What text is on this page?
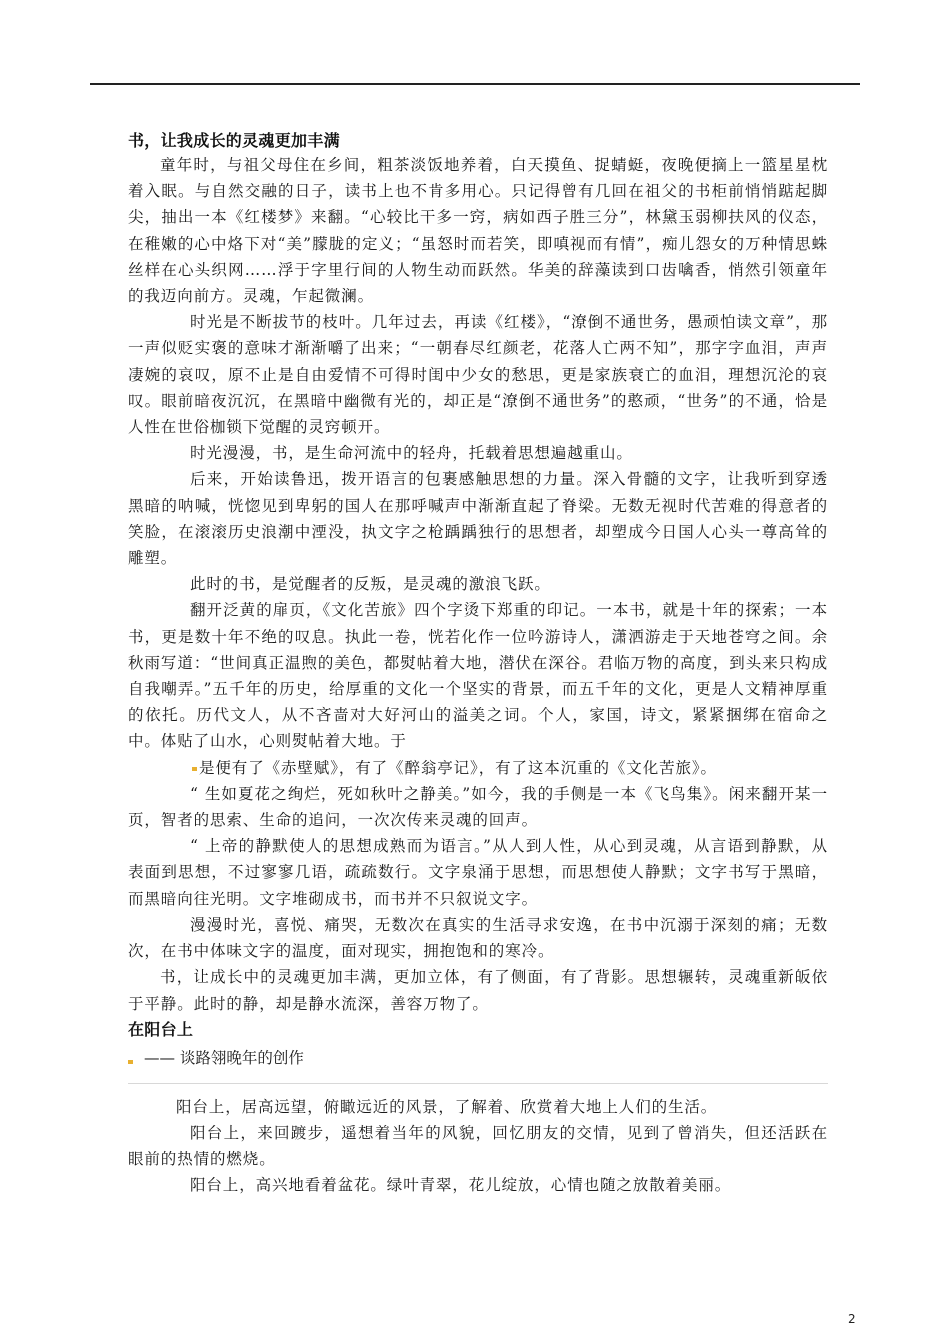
书，让我成长的灵魂更加丰满

童年时，与祖父母住在乡间，粗茶淡饭地养着，白天摸鱼、捉蜻蜓，夜晚便摘上一篮星星枕着入眠。与自然交融的日子，读书上也不肯多用心。只记得曾有几回在祖父的书柜前悄悄踮起脚尖，抽出一本《红楼梦》来翻。“心较比干多一窍，病如西子胜三分”，林黛玉弱柳扶风的仪态，在稚嫩的心中烙下对“美”朦胧的定义；“虽怒时而若笑，即嗔视而有情”，痴儿怨女的万种情思蛛丝样在心头织网……浮于字里行间的人物生动而跃然。华美的辞藻读到口齿噙香，悄然引领童年的我迈向前方。灵魂，乍起微澜。

时光是不断拔节的枝叶。几年过去，再读《红楼》，“潦倒不通世务，愚顽怕读文章”，那一声似贬实褒的意味才渐渐嚼了出来；“一朝春尽红颜老，花落人亡两不知”，那字字血泪，声声凄婉的哀叹，原不止是自由爱情不可得时闺中少女的愁思，更是家族衰亡的血泪，理想沉沦的哀叹。眼前暗夜沉沉，在黑暗中幽微有光的，却正是“潦倒不通世务”的憨顽，“世务”的不通，恰是人性在世俗枷锁下觉醒的灵窍顿开。

时光漫漫，书，是生命河流中的轻舟，托载着思想遍越重山。

后来，开始读鲁迅，拨开语言的包裹感触思想的力量。深入骨髓的文字，让我听到穿透黑暗的呐喊，恍惚见到卑躬的国人在那呼喊声中渐渐直起了脊梁。无数无视时代苦难的得意者的笑脸，在滚滚历史浪潮中湮没，执文字之枪踽踽独行的思想者，却塑成今日国人心头一尊高耸的雕塑。

此时的书，是觉醒者的反叛，是灵魂的激浪飞跃。

翻开泛黄的扉页，《文化苦旅》四个字烫下郑重的印记。一本书，就是十年的探索；一本书，更是数十年不绝的叹息。执此一卷，恍若化作一位吟游诗人，潇洒游走于天地苍穹之间。余秋雨写道：“世间真正温煦的美色，都熨帖着大地，潜伏在深谷。君临万物的高度，到头来只构成自我嘲弄。”五千年的历史，给厚重的文化一个坚实的背景，而五千年的文化，更是人文精神厚重的依托。历代文人，从不吝啬对大好河山的溢美之词。个人，家国，诗文，紧紧捆绑在宿命之中。体贴了山水，心则熨帖着大地。于

是便有了《赤壁赋》，有了《醉翁亭记》，有了这本沉重的《文化苦旅》。

“ 生如夏花之绚烂，死如秋叶之静美。”如今，我的手侧是一本《飞鸟集》。闲来翻开某一页，智者的思索、生命的追问，一次次传来灵魂的回声。

“ 上帝的静默使人的思想成熟而为语言。”从人到人性，从心到灵魂，从言语到静默，从表面到思想，不过寥寥几语，疏疏数行。文字泉涌于思想，而思想使人静默；文字书写于黑暗，而黑暗向往光明。文字堆砌成书，而书并不只叙说文字。

漫漫时光，喜悦、痛哭，无数次在真实的生活寻求安逸，在书中沉溺于深刻的痛；无数次，在书中体味文字的温度，面对现实，拥抱饱和的寒冷。

书，让成长中的灵魂更加丰满，更加立体，有了侧面，有了背影。思想辗转，灵魂重新皈依于平静。此时的静，却是静水流深，善容万物了。

在阳台上
—— 谈路翎晚年的创作

阳台上，居高远望，俯瞰远近的风景，了解着、欣赏着大地上人们的生活。

阳台上，来回踱步，遥想着当年的风貌，回忆朋友的交情，见到了曾消失，但还活跃在眼前的热情的燃烧。

阳台上，高兴地看着盆花。绿叶青翠，花儿绽放，心情也随之放散着美丽。

2
